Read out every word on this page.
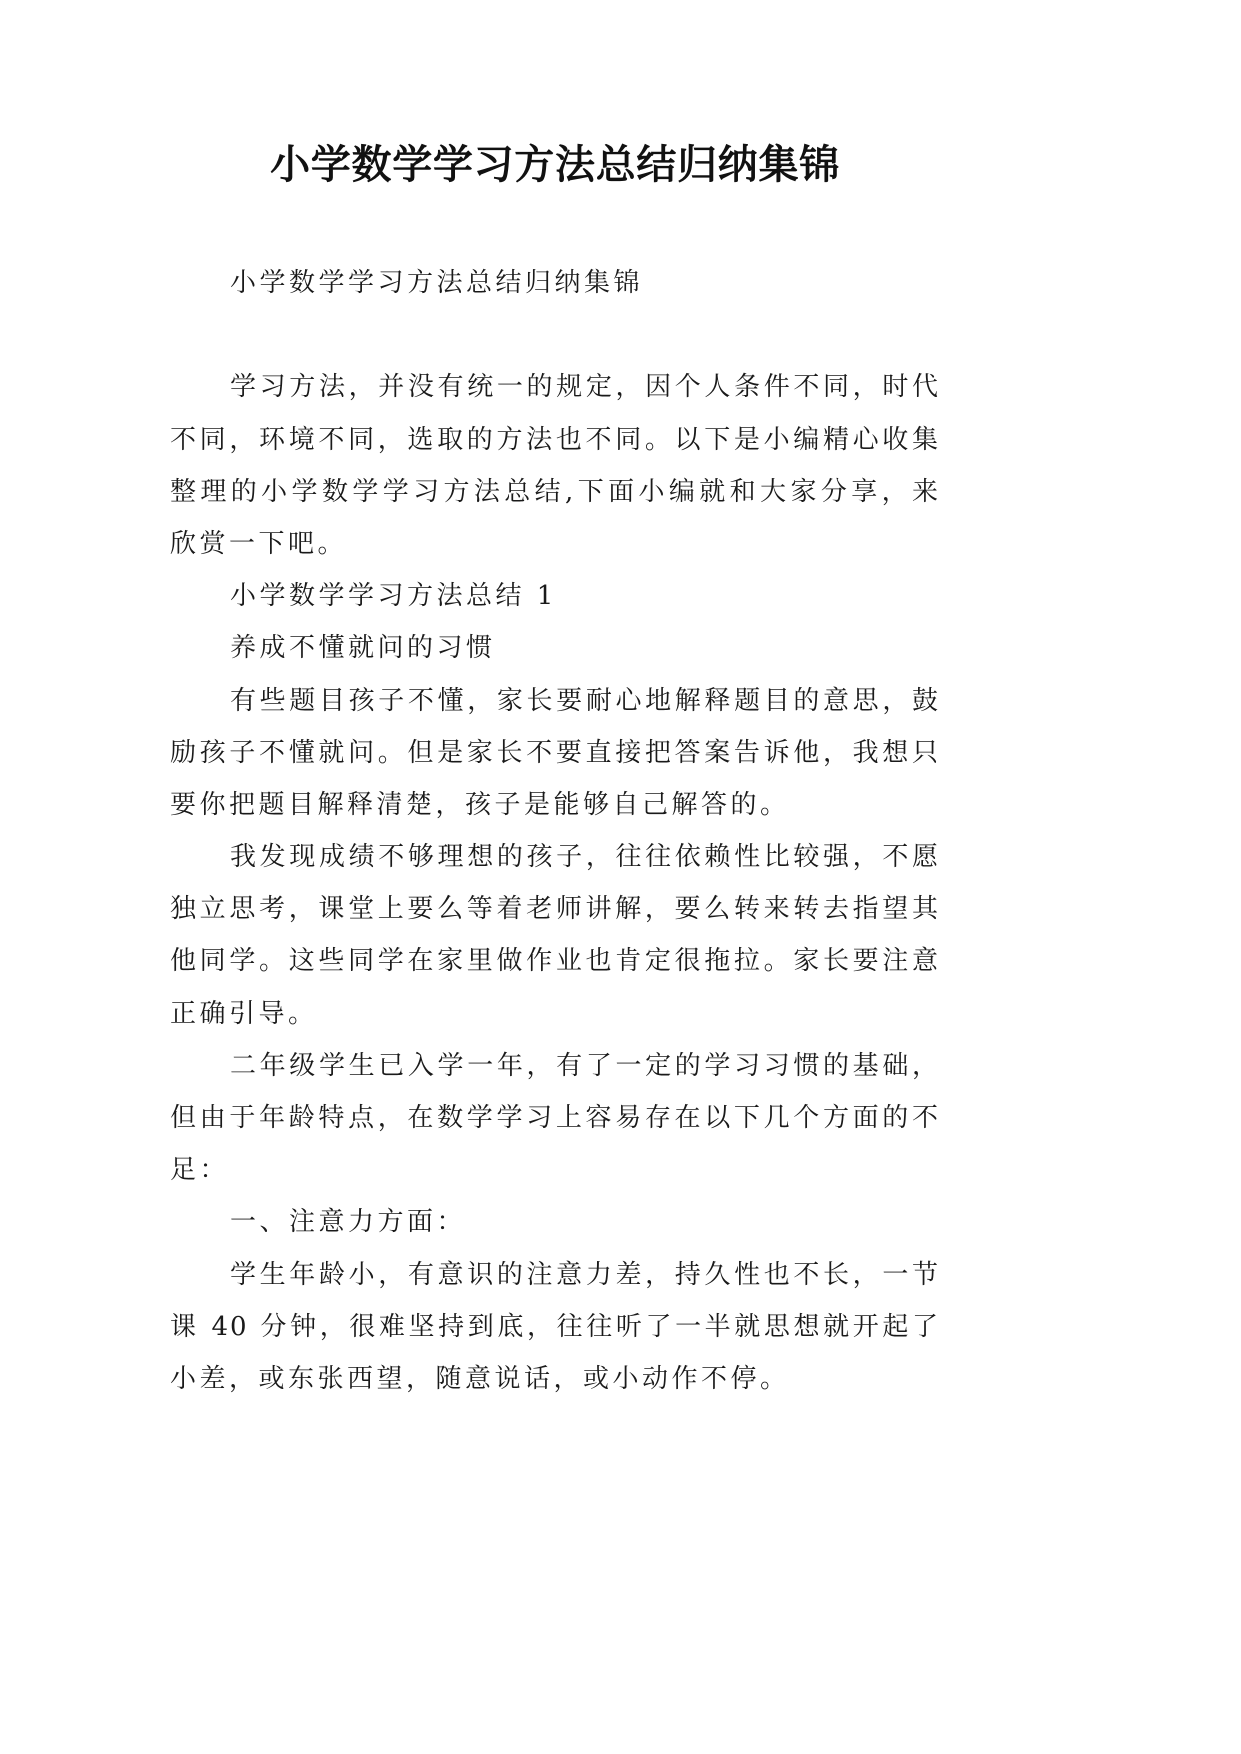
小学数学学习方法总结归纳集锦
小学数学学习方法总结归纳集锦
学习方法，并没有统一的规定，因个人条件不同，时代
不同，环境不同，选取的方法也不同。以下是小编精心收集
整理的小学数学学习方法总结,下面小编就和大家分享，来
欣赏一下吧。
小学数学学习方法总结 1
养成不懂就问的习惯
有些题目孩子不懂，家长要耐心地解释题目的意思，鼓
励孩子不懂就问。但是家长不要直接把答案告诉他，我想只
要你把题目解释清楚，孩子是能够自己解答的。
我发现成绩不够理想的孩子，往往依赖性比较强，不愿
独立思考，课堂上要么等着老师讲解，要么转来转去指望其
他同学。这些同学在家里做作业也肯定很拖拉。家长要注意
正确引导。
二年级学生已入学一年，有了一定的学习习惯的基础，
但由于年龄特点，在数学学习上容易存在以下几个方面的不
足：
一、注意力方面：
学生年龄小，有意识的注意力差，持久性也不长，一节
课 40 分钟，很难坚持到底，往往听了一半就思想就开起了
小差，或东张西望，随意说话，或小动作不停。
